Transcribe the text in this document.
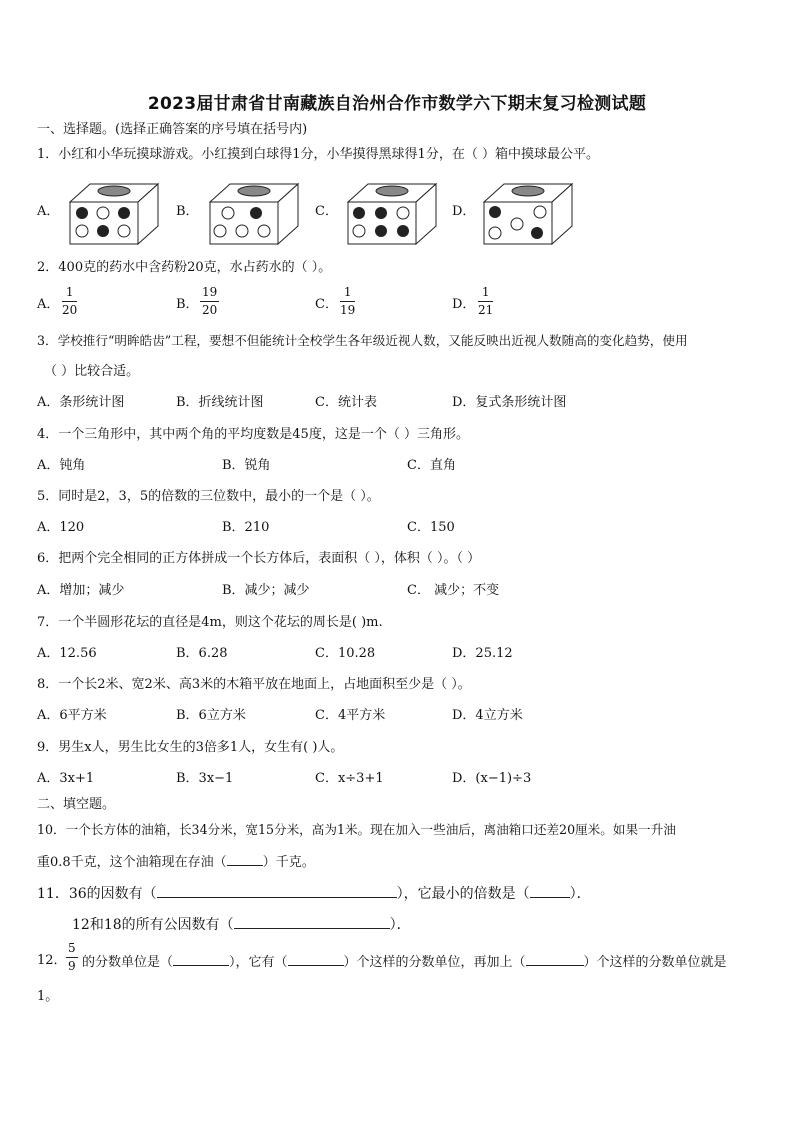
2023届甘肃省甘南藏族自治州合作市数学六下期末复习检测试题
一、选择题。(选择正确答案的序号填在括号内)
1．小红和小华玩摸球游戏。小红摸到白球得1分，小华摸得黑球得1分，在（ ）箱中摸球最公平。
A．	B．	C．	D．
2．400克的药水中含药粉20克，水占药水的（ ）。
A．
1
20	B．
19
20	C．
1
19	D．
1
21
3．学校推行“明眸皓齿”工程，要想不但能统计全校学生各年级近视人数，又能反映出近视人数随高的变化趋势，使用
（ ）比较合适。
A．条形统计图	B．折线统计图	C．统计表	D．复式条形统计图
4．一个三角形中，其中两个角的平均度数是45度，这是一个（ ）三角形。
A．钝角	B．锐角	C．直角
5．同时是2，3，5的倍数的三位数中，最小的一个是（ ）。
A．120	B．210	C．150
6．把两个完全相同的正方体拼成一个长方体后，表面积（ ），体积（ ）。（ ）
A．增加；减少	B．减少；减少	C． 减少；不变
7．一个半圆形花坛的直径是4m，则这个花坛的周长是( )m.
A．12.56	B．6.28	C．10.28	D．25.12
8．一个长2米、宽2米、高3米的木箱平放在地面上，占地面积至少是（ ）。
A．6平方米	B．6立方米	C．4平方米	D．4立方米
9．男生x人，男生比女生的3倍多1人，女生有( )人。
A．3x+1	B．3x−1	C．x÷3+1	D．(x−1)÷3
二、填空题。
10．一个长方体的油箱，长34分米，宽15分米，高为1米。现在加入一些油后，离油箱口还差20厘米。如果一升油
重0.8千克，这个油箱现在存油（	）千克。
11．36的因数有（	），它最小的倍数是（	）．
12和18的所有公因数有（	）．
12．
5
9 的分数单位是（	），它有（	）个这样的分数单位，再加上（	）个这样的分数单位就是
1。
